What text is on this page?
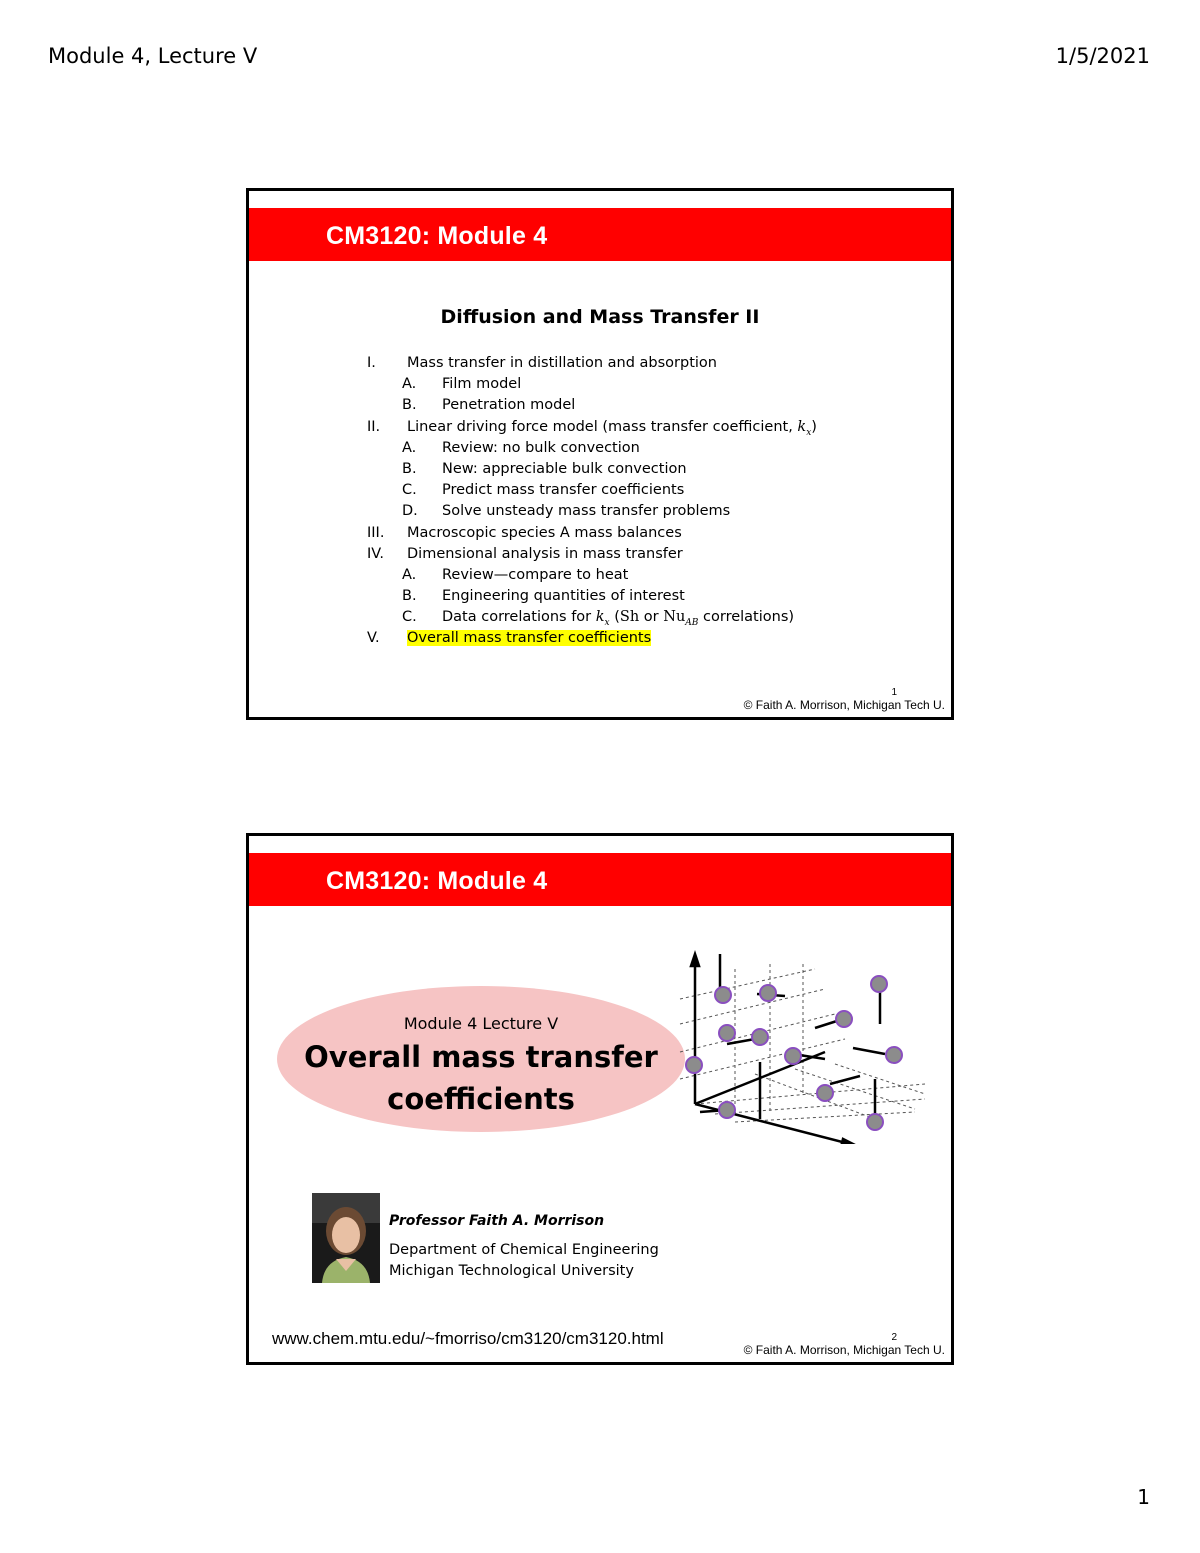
Module 4, Lecture V	1/5/2021
CM3120: Module 4
Diffusion and Mass Transfer II
I. Mass transfer in distillation and absorption
A. Film model
B. Penetration model
II. Linear driving force model (mass transfer coefficient, $k_x$)
A. Review: no bulk convection
B. New: appreciable bulk convection
C. Predict mass transfer coefficients
D. Solve unsteady mass transfer problems
III. Macroscopic species A mass balances
IV. Dimensional analysis in mass transfer
A. Review—compare to heat
B. Engineering quantities of interest
C. Data correlations for $k_x$ (Sh or $Nu_{AB}$ correlations)
V. Overall mass transfer coefficients
1
© Faith A. Morrison, Michigan Tech U.
CM3120: Module 4
Module 4 Lecture V
Overall mass transfer
coefficients
Professor Faith A. Morrison
Department of Chemical Engineering
Michigan Technological University
www.chem.mtu.edu/~fmorriso/cm3120/cm3120.html	2
© Faith A. Morrison, Michigan Tech U.
1
